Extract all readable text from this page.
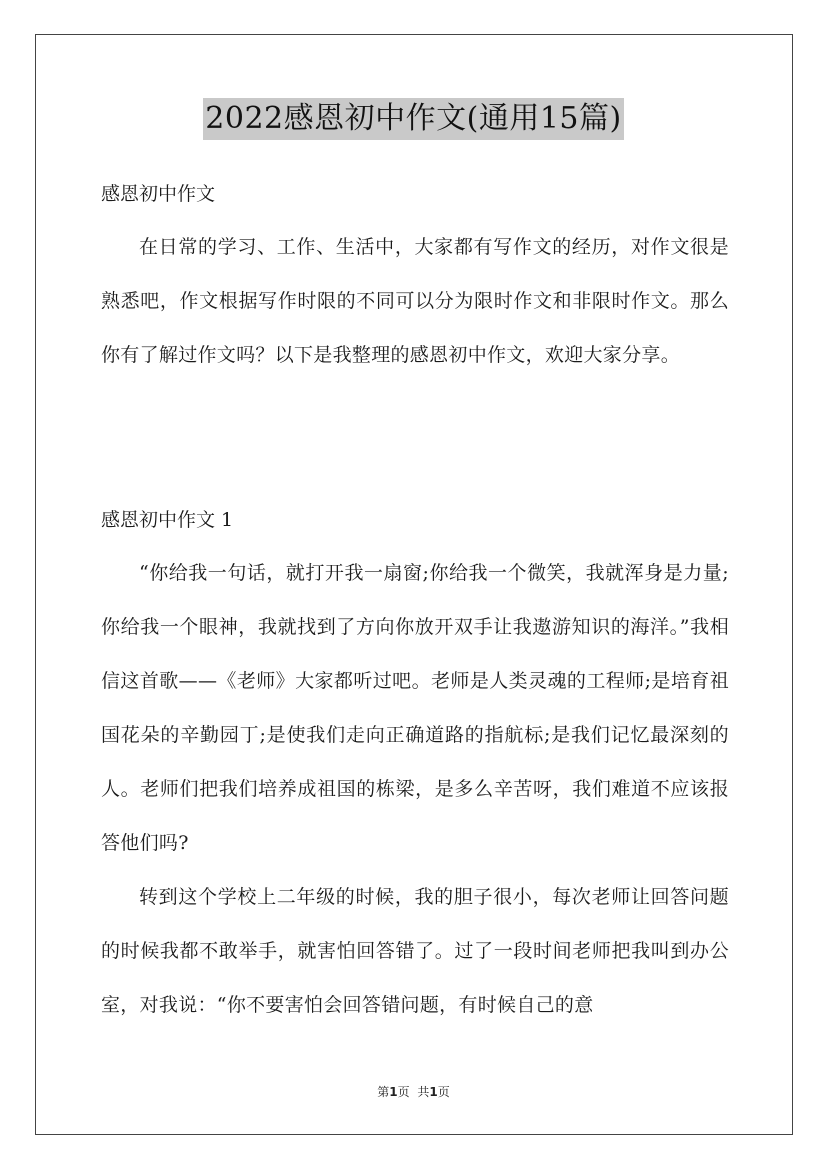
2022感恩初中作文(通用15篇)
感恩初中作文

在日常的学习、工作、生活中，大家都有写作文的经历，对作文很是熟悉吧，作文根据写作时限的不同可以分为限时作文和非限时作文。那么你有了解过作文吗？以下是我整理的感恩初中作文，欢迎大家分享。

感恩初中作文 1

“你给我一句话，就打开我一扇窗;你给我一个微笑，我就浑身是力量;你给我一个眼神，我就找到了方向你放开双手让我遨游知识的海洋。”我相信这首歌——《老师》大家都听过吧。老师是人类灵魂的工程师;是培育祖国花朵的辛勤园丁;是使我们走向正确道路的指航标;是我们记忆最深刻的人。老师们把我们培养成祖国的栋梁，是多么辛苦呀，我们难道不应该报答他们吗?

转到这个学校上二年级的时候，我的胆子很小，每次老师让回答问题的时候我都不敢举手，就害怕回答错了。过了一段时间老师把我叫到办公室，对我说：“你不要害怕会回答错问题，有时候自己的意

第1页 共1页
